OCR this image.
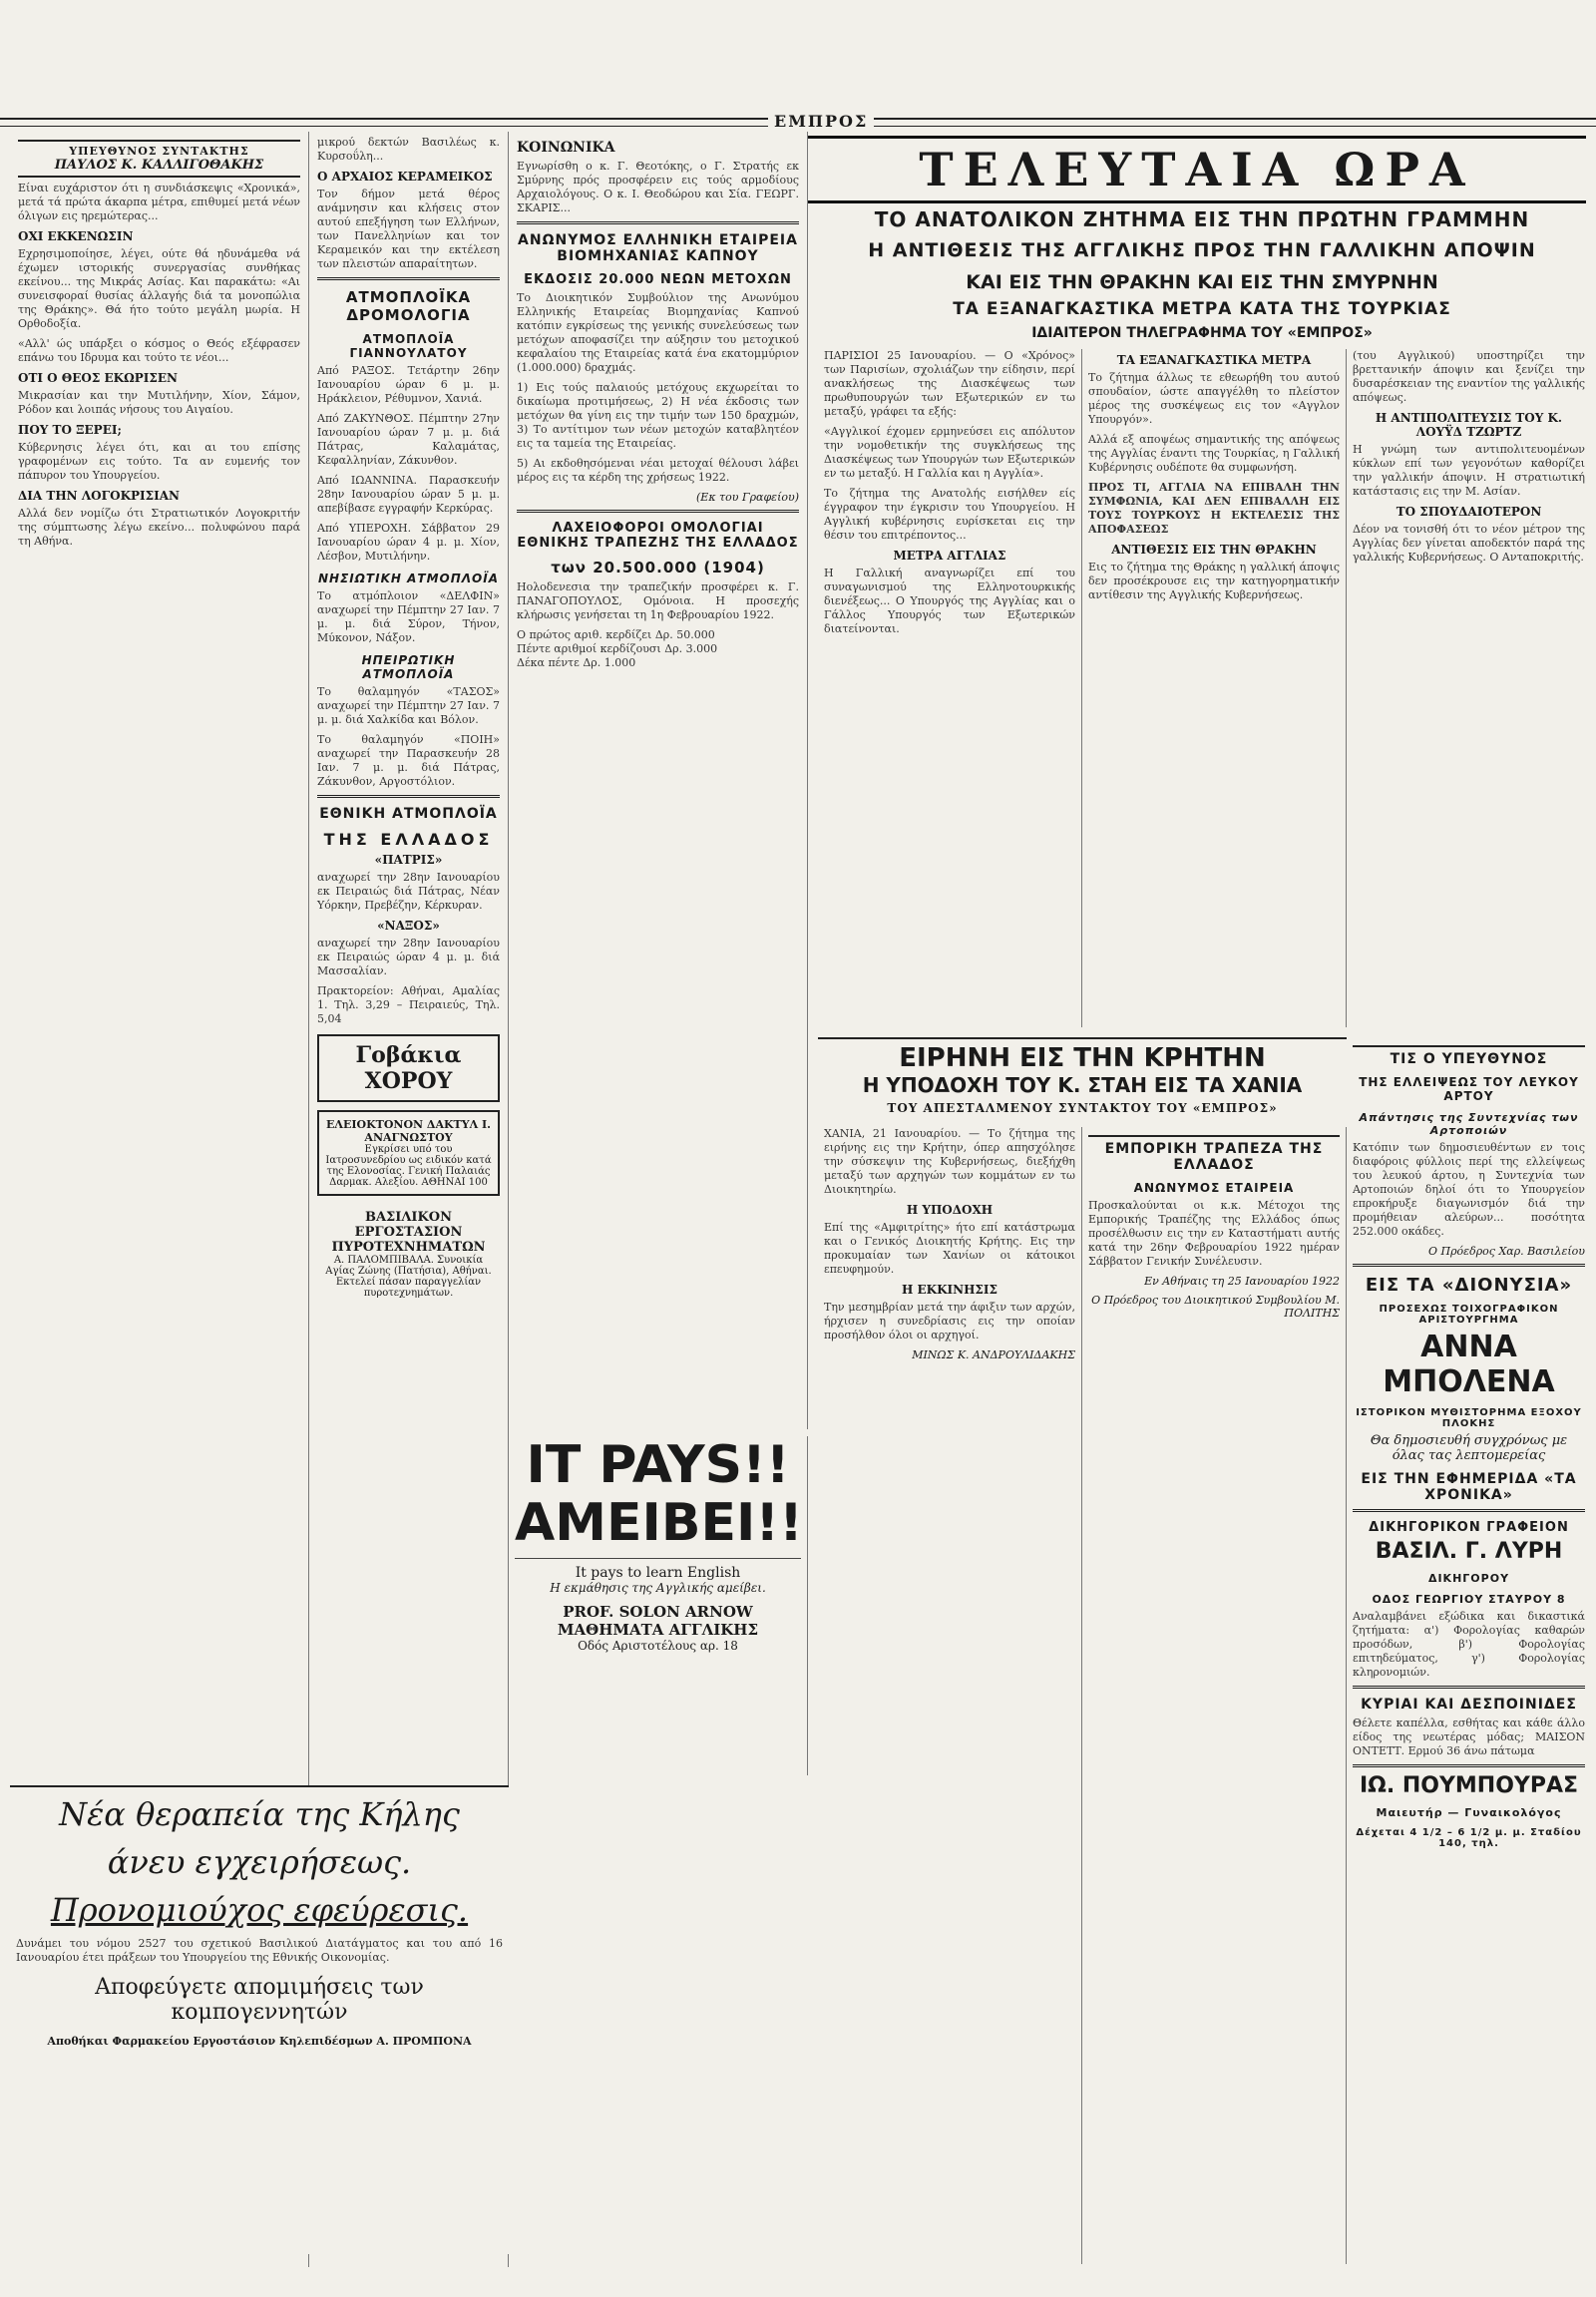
ΕΜΠΡΟΣ
ΥΠΕΥΘΥΝΟΣ ΣΥΝΤΑΚΤΗΣ
ΠΑΥΛΟΣ Κ. ΚΑΛΛΙΓΟΘΑΚΗΣ

Είναι ευχάριστον ότι η συνδιάσκεψις «Χρονικά», μετά τά πρώτα άκαρπα μέτρα, επιθυμεί μετά νέων όλιγων εις ηρεμώτερας...

ΟΧΙ ΕΚΚΕΝΩΣΙΝ

Εχρησιμοποίησε, λέγει, ούτε θά ηδυνάμεθα νά έχωμεν ιστορικής συνεργασίας συνθήκας εκείνου... της Μικράς Ασίας. Και παρακάτω: «Αι συνεισφοραί θυσίας άλλαγής διά τα μονοπώλια της Θράκης». Θά ήτο τούτο μεγάλη μωρία. Η Ορθοδοξία.

«Αλλ' ώς υπάρξει ο κόσμος ο Θεός εξέφρασεν επάνω του Ιδρυμα και τούτο τε νέοι...

ΟΤΙ Ο ΘΕΟΣ ΕΚΩΡΙΣΕΝ

Μικρασίαν και την Μυτιλήνην, Χίον, Σάμον, Ρόδον και λοιπάς νήσους του Αιγαίου.

ΠΟΥ ΤΟ ΞΕΡΕΙ;

Κύβερνησις λέγει ότι, και αι του επίσης γραφομένων εις τούτο. Τα αν ευμενής τον πάπυρον του Υπουργείου.

ΔΙΑ ΤΗΝ ΛΟΓΟΚΡΙΣΙΑΝ

Αλλά δεν νομίζω ότι Στρατιωτικόν Λογοκριτήν της σύμπτωσης λέγω εκείνο... πολυφώνου παρά τη Αθήνα.

μικρού δεκτών Βασιλέως κ. Κυρσοΰλη...

Ο ΑΡΧΑΙΟΣ ΚΕΡΑΜΕΙΚΟΣ

Τον δήμον μετά θέρος ανάμνησιν και κλήσεις στον αυτού επεξήγηση των Ελλήνων, των Πανελληνίων και τον Κεραμεικόν και την εκτέλεση των πλειστών απαραίτητων.

ΑΤΜΟΠΛΟΪΚΑ ΔΡΟΜΟΛΟΓΙΑ
ΑΤΜΟΠΛΟΪΑ ΓΙΑΝΝΟΥΛΑΤΟΥ

Από ΡΑΞΟΣ. Τετάρτην 26ην Ιανουαρίου ώραν 6 μ. μ. Ηράκλειον, Ρέθυμνον, Χανιά.

Από ΖΑΚΥΝΘΟΣ. Πέμπτην 27ην Ιανουαρίου ώραν 7 μ. μ. διά Πάτρας, Καλαμάτας, Κεφαλληνίαν, Ζάκυνθον.

Από ΙΩΑΝΝΙΝΑ. Παρασκευήν 28ην Ιανουαρίου ώραν 5 μ. μ. απεβίβασε εγγραφήν Κερκύρας.

Από ΥΠΕΡΟΧΗ. Σάββατον 29 Ιανουαρίου ώραν 4 μ. μ. Χίον, Λέσβον, Μυτιλήνην.

ΝΗΣΙΩΤΙΚΗ ΑΤΜΟΠΛΟΪΑ

Το ατμόπλοιον «ΔΕΛΦΙΝ» αναχωρεί την Πέμπτην 27 Ιαν. 7 μ. μ. διά Σύρον, Τήνον, Μύκονον, Νάξον.

ΗΠΕΙΡΩΤΙΚΗ ΑΤΜΟΠΛΟΪΑ

Το θαλαμηγόν «ΤΑΣΟΣ» αναχωρεί την Πέμπτην 27 Ιαν. 7 μ. μ. διά Χαλκίδα και Βόλον.

Το θαλαμηγόν «ΠΟΙΗ» αναχωρεί την Παρασκευήν 28 Ιαν. 7 μ. μ. διά Πάτρας, Ζάκυνθον, Αργοστόλιον.

ΕΘΝΙΚΗ ΑΤΜΟΠΛΟΪΑ
ΤΗΣ ΕΛΛΑΔΟΣ
«ΠΑΤΡΙΣ»

αναχωρεί την 28ην Ιανουαρίου εκ Πειραιώς διά Πάτρας, Νέαν Υόρκην, Πρεβέζην, Κέρκυραν.

«ΝΑΞΟΣ»

αναχωρεί την 28ην Ιανουαρίου εκ Πειραιώς ώραν 4 μ. μ. διά Μασσαλίαν.

Πρακτορείον: Αθήναι, Αμαλίας 1. Τηλ. 3,29 – Πειραιεύς, Τηλ. 5,04

Γοβάκια ΧΟΡΟΥ
ΕΛΕΙΟΚΤΟΝΟΝ ΔΑΚΤΥΛ Ι. ΑΝΑΓΝΩΣΤΟΥ
Εγκρίσει υπό του Ιατροσυνεδρίου ως ειδικόν κατά της Ελονοσίας. Γενική Παλαιάς Δαρμακ. Αλεξίου. ΑΘΗΝΑΙ 100
ΒΑΣΙΛΙΚΟΝ ΕΡΓΟΣΤΑΣΙΟΝ ΠΥΡΟΤΕΧΝΗΜΑΤΩΝ
Α. ΠΑΛΟΜΠΙΒΑΛΑ. Συνοικία Αγίας Ζώνης (Πατήσια), Αθήναι. Εκτελεί πάσαν παραγγελίαν πυροτεχνημάτων.
ΚΟΙΝΩΝΙΚΑ

Εγνωρίσθη ο κ. Γ. Θεοτόκης, ο Γ. Στρατής εκ Σμύρνης πρός προσφέρειν εις τούς αρμοδίους Αρχαιολόγους. Ο κ. Ι. Θεοδώρου και Σία. ΓΕΩΡΓ. ΣΚΑΡΙΣ...

ΑΝΩΝΥΜΟΣ ΕΛΛΗΝΙΚΗ ΕΤΑΙΡΕΙΑ ΒΙΟΜΗΧΑΝΙΑΣ ΚΑΠΝΟΥ
ΕΚΔΟΣΙΣ 20.000 ΝΕΩΝ ΜΕΤΟΧΩΝ

Το Διοικητικόν Συμβούλιον της Ανωνύμου Ελληνικής Εταιρείας Βιομηχανίας Καπνού κατόπιν εγκρίσεως της γενικής συνελεύσεως των μετόχων αποφασίζει την αύξησιν του μετοχικού κεφαλαίου της Εταιρείας κατά ένα εκατομμύριον (1.000.000) δραχμάς.

1) Εις τούς παλαιούς μετόχους εκχωρείται το δικαίωμα προτιμήσεως, 2) Η νέα έκδοσις των μετόχων θα γίνη εις την τιμήν των 150 δραχμών, 3) Το αντίτιμον των νέων μετοχών καταβλητέον εις τα ταμεία της Εταιρείας.

5) Αι εκδοθησόμεναι νέαι μετοχαί θέλουσι λάβει μέρος εις τα κέρδη της χρήσεως 1922.

(Εκ του Γραφείου)
ΛΑΧΕΙΟΦΟΡΟΙ ΟΜΟΛΟΓΙΑΙ ΕΘΝΙΚΗΣ ΤΡΑΠΕΖΗΣ ΤΗΣ ΕΛΛΑΔΟΣ
των 20.500.000 (1904)

Ηολοδενεσια την τραπεζικήν προσφέρει κ. Γ. ΠΑΝΑΓΟΠΟΥΛΟΣ, Ομόνοια. Η προσεχής κλήρωσις γενήσεται τη 1η Φεβρουαρίου 1922.

Ο πρώτος αριθ. κερδίζει Δρ. 50.000

Πέντε αριθμοί κερδίζουσι Δρ. 3.000

Δέκα πέντε Δρ. 1.000

IT PAYS!!
ΑΜΕΙΒΕΙ!!
It pays to learn English
Η εκμάθησις της Αγγλικής αμείβει.
PROF. SOLON ARNOW
ΜΑΘΗΜΑΤΑ ΑΓΓΛΙΚΗΣ
Οδός Αριστοτέλους αρ. 18
Νέα θεραπεία της Κήλης
άνευ εγχειρήσεως.
Προνομιούχος εφεύρεσις.

Δυνάμει του νόμου 2527 του σχετικού Βασιλικού Διατάγματος και του από 16 Ιανουαρίου έτει πράξεων του Υπουργείου της Εθνικής Οικονομίας.

Αποφεύγετε απομιμήσεις των κομπογεννητών
Αποθήκαι Φαρμακείου Εργοστάσιον Κηλεπιδέσμων Α. ΠΡΟΜΠΟΝΑ
ΤΕΛΕΥΤΑΙΑ ΩΡΑ
ΤΟ ΑΝΑΤΟΛΙΚΟΝ ΖΗΤΗΜΑ ΕΙΣ ΤΗΝ ΠΡΩΤΗΝ ΓΡΑΜΜΗΝ
Η ΑΝΤΙΘΕΣΙΣ ΤΗΣ ΑΓΓΛΙΚΗΣ ΠΡΟΣ ΤΗΝ ΓΑΛΛΙΚΗΝ ΑΠΟΨΙΝ
ΚΑΙ ΕΙΣ ΤΗΝ ΘΡΑΚΗΝ ΚΑΙ ΕΙΣ ΤΗΝ ΣΜΥΡΝΗΝ
ΤΑ ΕΞΑΝΑΓΚΑΣΤΙΚΑ ΜΕΤΡΑ ΚΑΤΑ ΤΗΣ ΤΟΥΡΚΙΑΣ
ΙΔΙΑΙΤΕΡΟΝ ΤΗΛΕΓΡΑΦΗΜΑ ΤΟΥ «ΕΜΠΡΟΣ»

ΠΑΡΙΣΙΟΙ 25 Ιανουαρίου. — Ο «Χρόνος» των Παρισίων, σχολιάζων την είδησιν, περί ανακλήσεως της Διασκέψεως των πρωθυπουργών των Εξωτερικών εν τω μεταξύ, γράφει τα εξής:

«Αγγλικοί έχομεν ερμηνεύσει εις απόλυτον την νομοθετικήν της συγκλήσεως της Διασκέψεως των Υπουργών των Εξωτερικών εν τω μεταξύ. Η Γαλλία και η Αγγλία».

Το ζήτημα της Ανατολής εισήλθεν είς έγγραφον την έγκρισιν του Υπουργείου. Η Αγγλική κυβέρνησις ευρίσκεται εις την θέσιν του επιτρέποντος...

ΜΕΤΡΑ ΑΓΓΛΙΑΣ

Η Γαλλική αναγνωρίζει επί του συναγωνισμού της Ελληνοτουρκικής διενέξεως... Ο Υπουργός της Αγγλίας και ο Γάλλος Υπουργός των Εξωτερικών διατείνονται.

ΤΑ ΕΞΑΝΑΓΚΑΣΤΙΚΑ ΜΕΤΡΑ

Το ζήτημα άλλως τε εθεωρήθη του αυτού σπουδαίον, ώστε απαγγέλθη το πλείστον μέρος της συσκέψεως εις τον «Αγγλον Υπουργόν».

Αλλά εξ αποψέως σημαντικής της απόψεως της Αγγλίας έναντι της Τουρκίας, η Γαλλική Κυβέρνησις ουδέποτε θα συμφωνήση.

ΠΡΟΣ ΤΙ, ΑΓΓΛΙΑ ΝΑ ΕΠΙΒΑΛΗ ΤΗΝ ΣΥΜΦΩΝΙΑ, ΚΑΙ ΔΕΝ ΕΠΙΒΑΛΛΗ ΕΙΣ ΤΟΥΣ ΤΟΥΡΚΟΥΣ Η ΕΚΤΕΛΕΣΙΣ ΤΗΣ ΑΠΟΦΑΣΕΩΣ

ΑΝΤΙΘΕΣΙΣ ΕΙΣ ΤΗΝ ΘΡΑΚΗΝ

Εις το ζήτημα της Θράκης η γαλλική άποψις δεν προσέκρουσε εις την κατηγορηματικήν αντίθεσιν της Αγγλικής Κυβερνήσεως.

(του Αγγλικού) υποστηρίζει την βρεττανικήν άποψιν και ξενίζει την δυσαρέσκειαν της εναντίον της γαλλικής απόψεως.

Η ΑΝΤΙΠΟΛΙΤΕΥΣΙΣ ΤΟΥ Κ. ΛΟΥΫΔ ΤΖΩΡΤΖ

Η γνώμη των αντιπολιτευομένων κύκλων επί των γεγονότων καθορίζει την γαλλικήν άποψιν. Η στρατιωτική κατάστασις εις την Μ. Ασίαν.

ΤΟ ΣΠΟΥΔΑΙΟΤΕΡΟΝ

Δέον να τονισθή ότι το νέον μέτρον της Αγγλίας δεν γίνεται αποδεκτόν παρά της γαλλικής Κυβερνήσεως. Ο Ανταποκριτής.

ΕΙΡΗΝΗ ΕΙΣ ΤΗΝ ΚΡΗΤΗΝ
Η ΥΠΟΔΟΧΗ ΤΟΥ Κ. ΣΤΑΗ ΕΙΣ ΤΑ ΧΑΝΙΑ
ΤΟΥ ΑΠΕΣΤΑΛΜΕΝΟΥ ΣΥΝΤΑΚΤΟΥ ΤΟΥ «ΕΜΠΡΟΣ»

ΧΑΝΙΑ, 21 Ιανουαρίου. — Το ζήτημα της ειρήνης εις την Κρήτην, όπερ απησχόλησε την σύσκεψιν της Κυβερνήσεως, διεξήχθη μεταξύ των αρχηγών των κομμάτων εν τω Διοικητηρίω.

Η ΥΠΟΔΟΧΗ

Επί της «Αμφιτρίτης» ήτο επί κατάστρωμα και ο Γενικός Διοικητής Κρήτης. Εις την προκυμαίαν των Χανίων οι κάτοικοι επευφημούν.

Η ΕΚΚΙΝΗΣΙΣ

Την μεσημβρίαν μετά την άφιξιν των αρχών, ήρχισεν η συνεδρίασις εις την οποίαν προσήλθον όλοι οι αρχηγοί.

ΜΙΝΩΣ Κ. ΑΝΔΡΟΥΛΙΔΑΚΗΣ
ΕΜΠΟΡΙΚΗ ΤΡΑΠΕΖΑ ΤΗΣ ΕΛΛΑΔΟΣ
ΑΝΩΝΥΜΟΣ ΕΤΑΙΡΕΙΑ

Προσκαλούνται οι κ.κ. Μέτοχοι της Εμπορικής Τραπέζης της Ελλάδος όπως προσέλθωσιν εις την εν Καταστήματι αυτής κατά την 26ην Φεβρουαρίου 1922 ημέραν Σάββατον Γενικήν Συνέλευσιν.

Εν Αθήναις τη 25 Ιανουαρίου 1922
Ο Πρόεδρος του Διοικητικού Συμβουλίου Μ. ΠΟΛΙΤΗΣ
ΤΙΣ Ο ΥΠΕΥΘΥΝΟΣ
ΤΗΣ ΕΛΛΕΙΨΕΩΣ ΤΟΥ ΛΕΥΚΟΥ ΑΡΤΟΥ
Απάντησις της Συντεχνίας των Αρτοποιών

Κατόπιν των δημοσιευθέντων εν τοις διαφόροις φύλλοις περί της ελλείψεως του λευκού άρτου, η Συντεχνία των Αρτοποιών δηλοί ότι το Υπουργείον επροκήρυξε διαγωνισμόν διά την προμήθειαν αλεύρων... ποσότητα 252.000 οκάδες.

Ο Πρόεδρος Χαρ. Βασιλείου
ΕΙΣ ΤΑ «ΔΙΟΝΥΣΙΑ»
ΠΡΟΣΕΧΩΣ ΤΟΙΧΟΓΡΑΦΙΚΟΝ ΑΡΙΣΤΟΥΡΓΗΜΑ
ΑΝΝΑ ΜΠΟΛΕΝΑ
ΙΣΤΟΡΙΚΟΝ ΜΥΘΙΣΤΟΡΗΜΑ ΕΞΟΧΟΥ ΠΛΟΚΗΣ
Θα δημοσιευθή συγχρόνως με όλας τας λεπτομερείας
ΕΙΣ ΤΗΝ ΕΦΗΜΕΡΙΔΑ «ΤΑ ΧΡΟΝΙΚΑ»
ΔΙΚΗΓΟΡΙΚΟΝ ΓΡΑΦΕΙΟΝ
ΒΑΣΙΛ. Γ. ΛΥΡΗ
ΔΙΚΗΓΟΡΟΥ
ΟΔΟΣ ΓΕΩΡΓΙΟΥ ΣΤΑΥΡΟΥ 8

Αναλαμβάνει εξώδικα και δικαστικά ζητήματα: α') Φορολογίας καθαρών προσόδων, β') Φορολογίας επιτηδεύματος, γ') Φορολογίας κληρονομιών.

ΚΥΡΙΑΙ ΚΑΙ ΔΕΣΠΟΙΝΙΔΕΣ

Θέλετε καπέλλα, εσθήτας και κάθε άλλο είδος της νεωτέρας μόδας; ΜΑΙΣΟΝ ΟΝΤΕΤΤ. Ερμού 36 άνω πάτωμα

ΙΩ. ΠΟΥΜΠΟΥΡΑΣ
Μαιευτήρ — Γυναικολόγος
Δέχεται 4 1/2 – 6 1/2 μ. μ. Σταδίου 140, τηλ.
